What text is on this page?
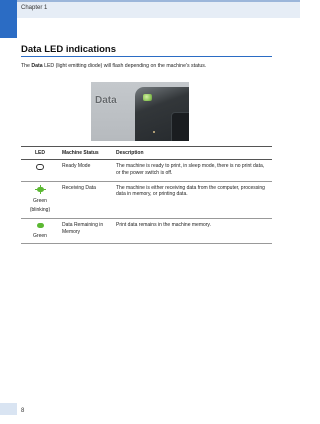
Chapter 1
Data LED indications
The Data LED (light emitting diode) will flash depending on the machine's status.
Data
LED	Machine Status	Description

	Ready Mode	The machine is ready to print, in sleep mode, there is no print data, or the power switch is off.

Green
(blinking)	Receiving Data	The machine is either receiving data from the computer, processing data in memory, or printing data.

Green	Data Remaining in Memory	Print data remains in the machine memory.
8
